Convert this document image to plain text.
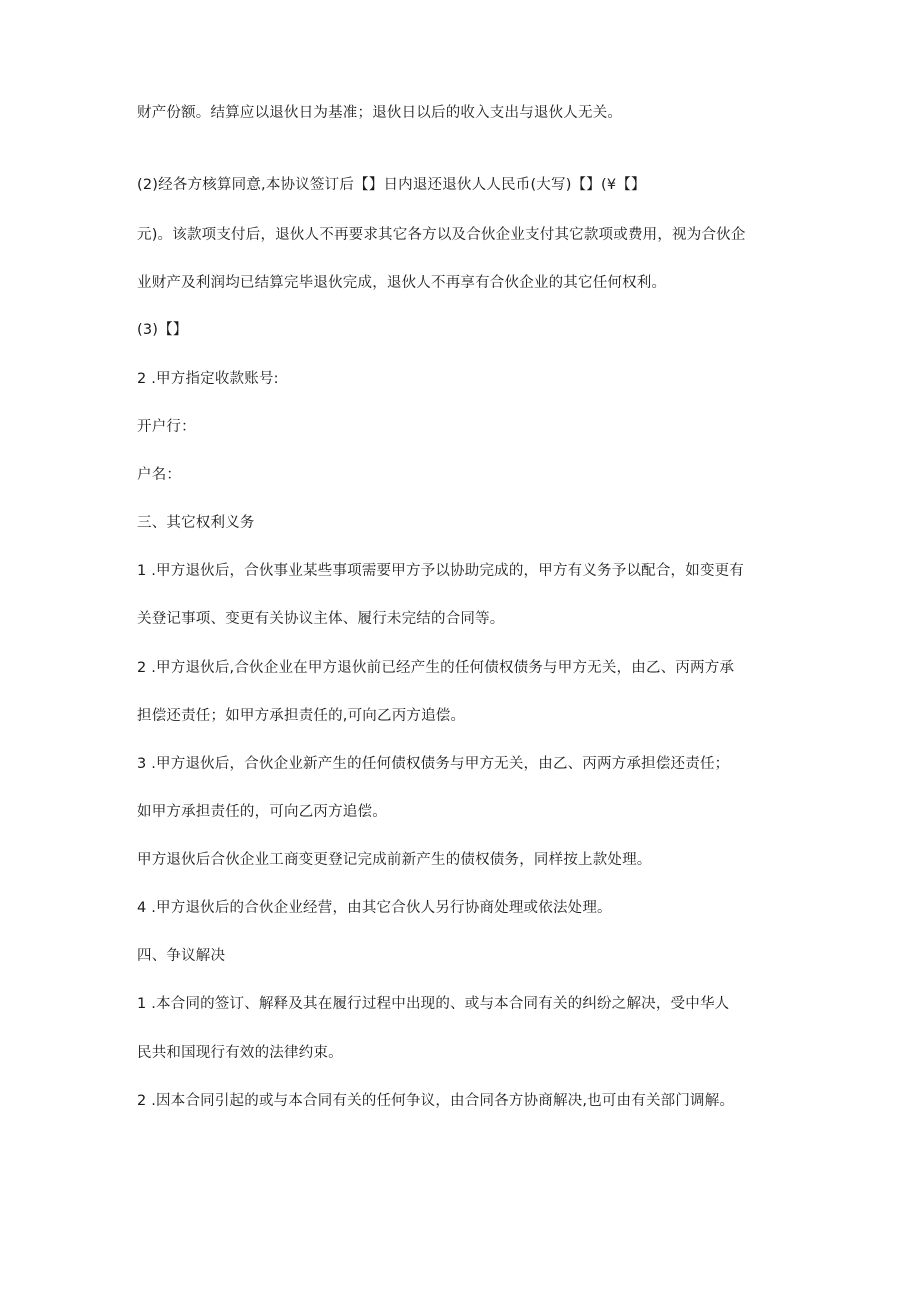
财产份额。结算应以退伙日为基准；退伙日以后的收入支出与退伙人无关。
(2)经各方核算同意,本协议签订后【】日内退还退伙人人民币(大写)【】(¥【】
元)。该款项支付后，退伙人不再要求其它各方以及合伙企业支付其它款项或费用，视为合伙企
业财产及利润均已结算完毕退伙完成，退伙人不再享有合伙企业的其它任何权利。
(3)【】
2 .甲方指定收款账号:
开户行：
户名：
三、其它权利义务
1 .甲方退伙后，合伙事业某些事项需要甲方予以协助完成的，甲方有义务予以配合，如变更有
关登记事项、变更有关协议主体、履行未完结的合同等。
2 .甲方退伙后,合伙企业在甲方退伙前已经产生的任何债权债务与甲方无关，由乙、丙两方承
担偿还责任；如甲方承担责任的,可向乙丙方追偿。
3 .甲方退伙后，合伙企业新产生的任何债权债务与甲方无关，由乙、丙两方承担偿还责任；
如甲方承担责任的，可向乙丙方追偿。
甲方退伙后合伙企业工商变更登记完成前新产生的债权债务，同样按上款处理。
4 .甲方退伙后的合伙企业经营，由其它合伙人另行协商处理或依法处理。
四、争议解决
1 .本合同的签订、解释及其在履行过程中出现的、或与本合同有关的纠纷之解决，受中华人
民共和国现行有效的法律约束。
2 .因本合同引起的或与本合同有关的任何争议，由合同各方协商解决,也可由有关部门调解。
